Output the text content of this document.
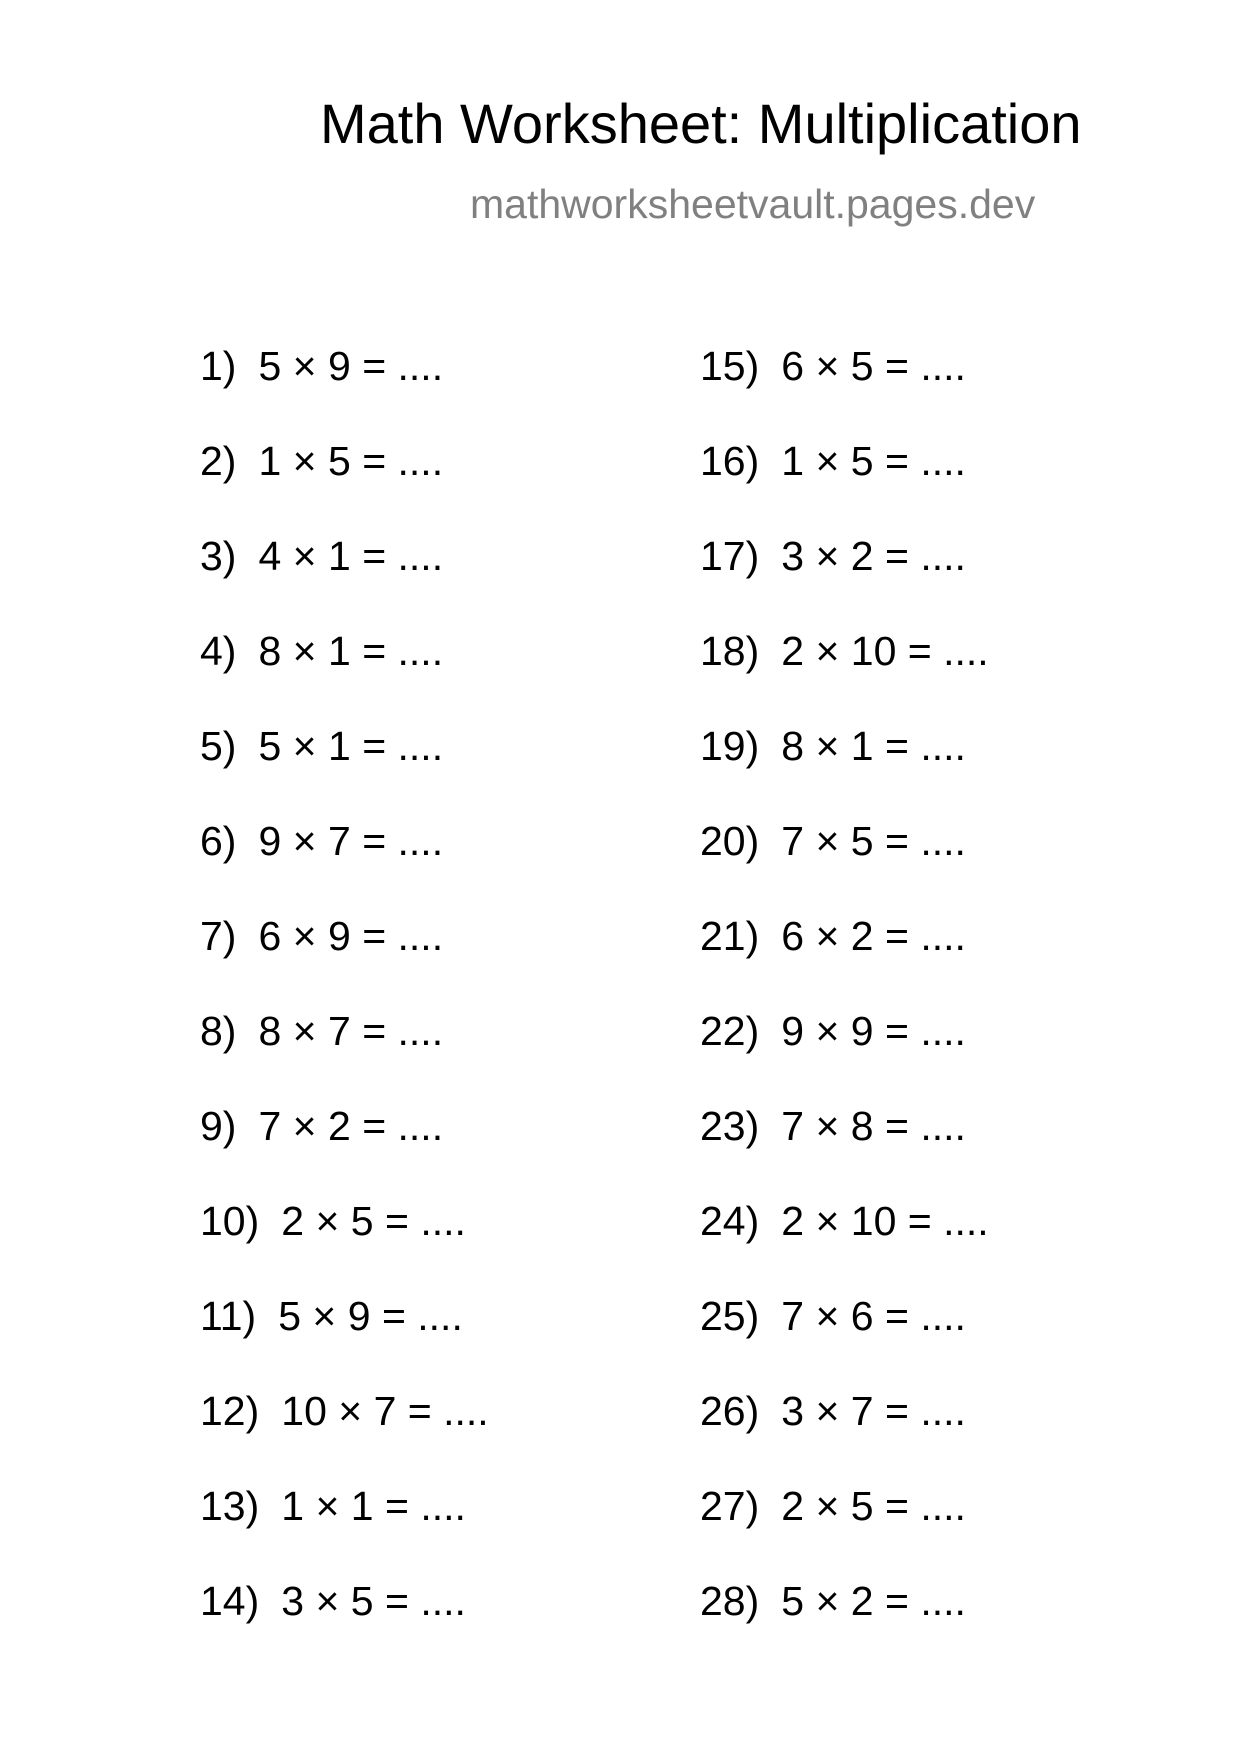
Math Worksheet: Multiplication
mathworksheetvault.pages.dev
1) 5 × 9 = ....
2) 1 × 5 = ....
3) 4 × 1 = ....
4) 8 × 1 = ....
5) 5 × 1 = ....
6) 9 × 7 = ....
7) 6 × 9 = ....
8) 8 × 7 = ....
9) 7 × 2 = ....
10) 2 × 5 = ....
11) 5 × 9 = ....
12) 10 × 7 = ....
13) 1 × 1 = ....
14) 3 × 5 = ....
15) 6 × 5 = ....
16) 1 × 5 = ....
17) 3 × 2 = ....
18) 2 × 10 = ....
19) 8 × 1 = ....
20) 7 × 5 = ....
21) 6 × 2 = ....
22) 9 × 9 = ....
23) 7 × 8 = ....
24) 2 × 10 = ....
25) 7 × 6 = ....
26) 3 × 7 = ....
27) 2 × 5 = ....
28) 5 × 2 = ....
